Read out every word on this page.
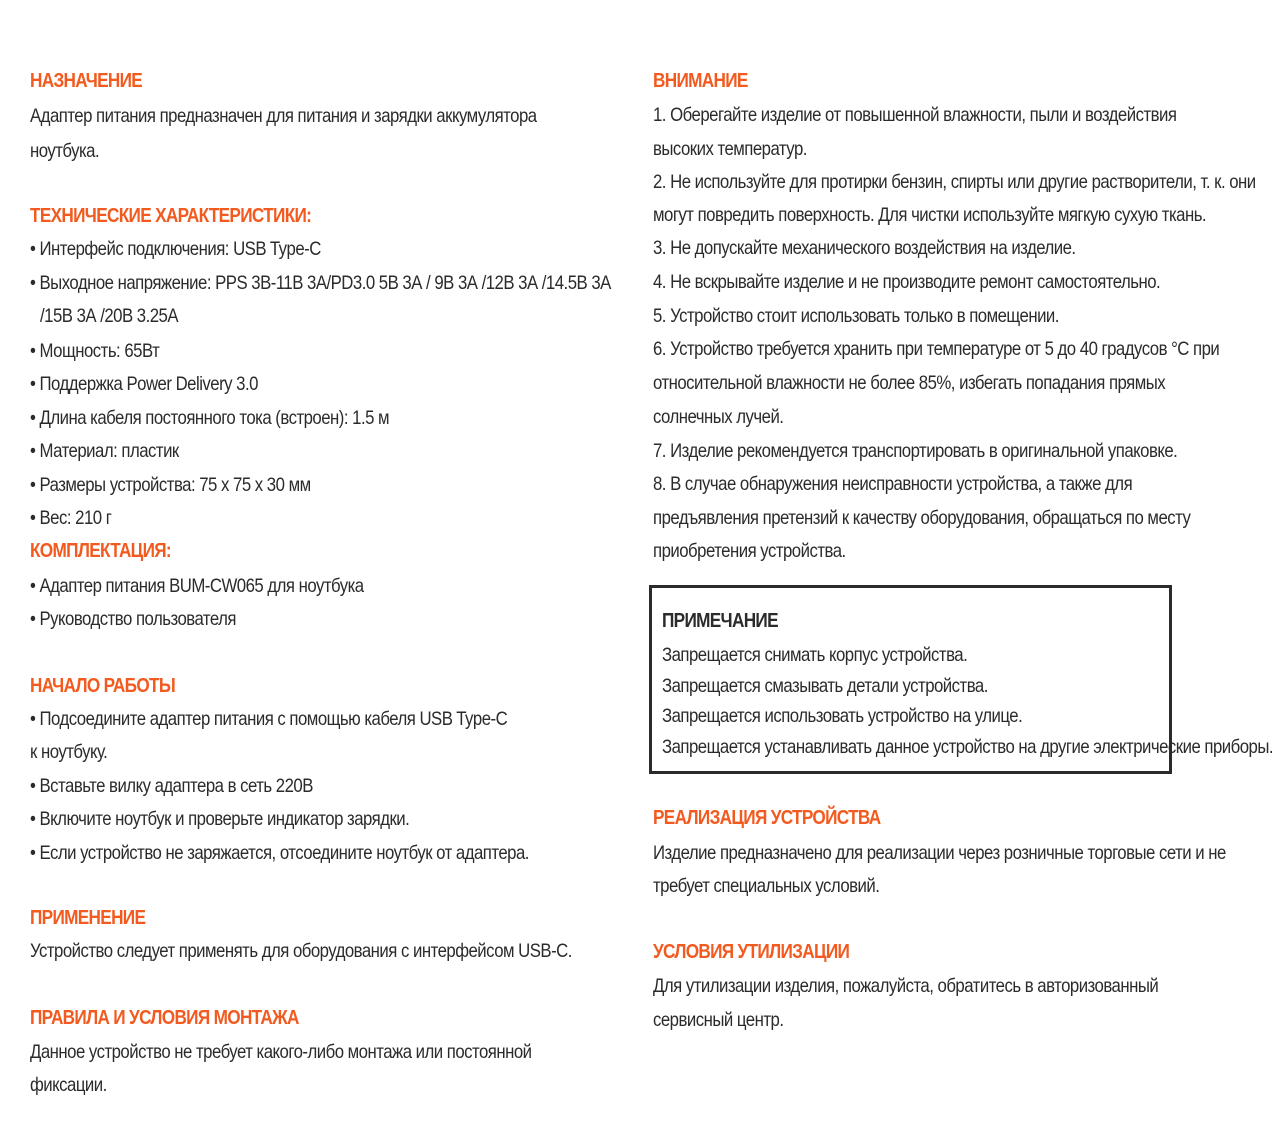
НАЗНАЧЕНИЕ
Адаптер питания предназначен для питания и зарядки аккумулятора
ноутбука.
ТЕХНИЧЕСКИЕ ХАРАКТЕРИСТИКИ:
• Интерфейс подключения: USB Type-C
• Выходное напряжение: PPS 3В-11В 3А/PD3.0 5В 3А / 9В 3А /12В 3А /14.5В 3А
/15В 3А /20В 3.25А
• Мощность: 65Вт
• Поддержка Power Delivery 3.0
• Длина кабеля постоянного тока (встроен): 1.5 м
• Материал: пластик
• Размеры устройства: 75 х 75 х 30 мм
• Вес: 210 г
КОМПЛЕКТАЦИЯ:
• Адаптер питания BUM-CW065 для ноутбука
• Руководство пользователя
НАЧАЛО РАБОТЫ
• Подсоедините адаптер питания с помощью кабеля USB Type-C
к ноутбуку.
• Вставьте вилку адаптера в сеть 220В
• Включите ноутбук и проверьте индикатор зарядки.
• Если устройство не заряжается, отсоедините ноутбук от адаптера.
ПРИМЕНЕНИЕ
Устройство следует применять для оборудования с интерфейсом USB-C.
ПРАВИЛА И УСЛОВИЯ МОНТАЖА
Данное устройство не требует какого-либо монтажа или постоянной
фиксации.
ВНИМАНИЕ
1. Оберегайте изделие от повышенной влажности, пыли и воздействия
высоких температур.
2. Не используйте для протирки бензин, спирты или другие растворители, т. к. они
могут повредить поверхность. Для чистки используйте мягкую сухую ткань.
3. Не допускайте механического воздействия на изделие.
4. Не вскрывайте изделие и не производите ремонт самостоятельно.
5. Устройство стоит использовать только в помещении.
6. Устройство требуется хранить при температуре от 5 до 40 градусов °С при
относительной влажности не более 85%, избегать попадания прямых
солнечных лучей.
7. Изделие рекомендуется транспортировать в оригинальной упаковке.
8. В случае обнаружения неисправности устройства, а также для
предъявления претензий к качеству оборудования, обращаться по месту
приобретения устройства.
ПРИМЕЧАНИЕ
Запрещается снимать корпус устройства.
Запрещается смазывать детали устройства.
Запрещается использовать устройство на улице.
Запрещается устанавливать данное устройство на другие электрические приборы.
РЕАЛИЗАЦИЯ УСТРОЙСТВА
Изделие предназначено для реализации через розничные торговые сети и не
требует специальных условий.
УСЛОВИЯ УТИЛИЗАЦИИ
Для утилизации изделия, пожалуйста, обратитесь в авторизованный
сервисный центр.
